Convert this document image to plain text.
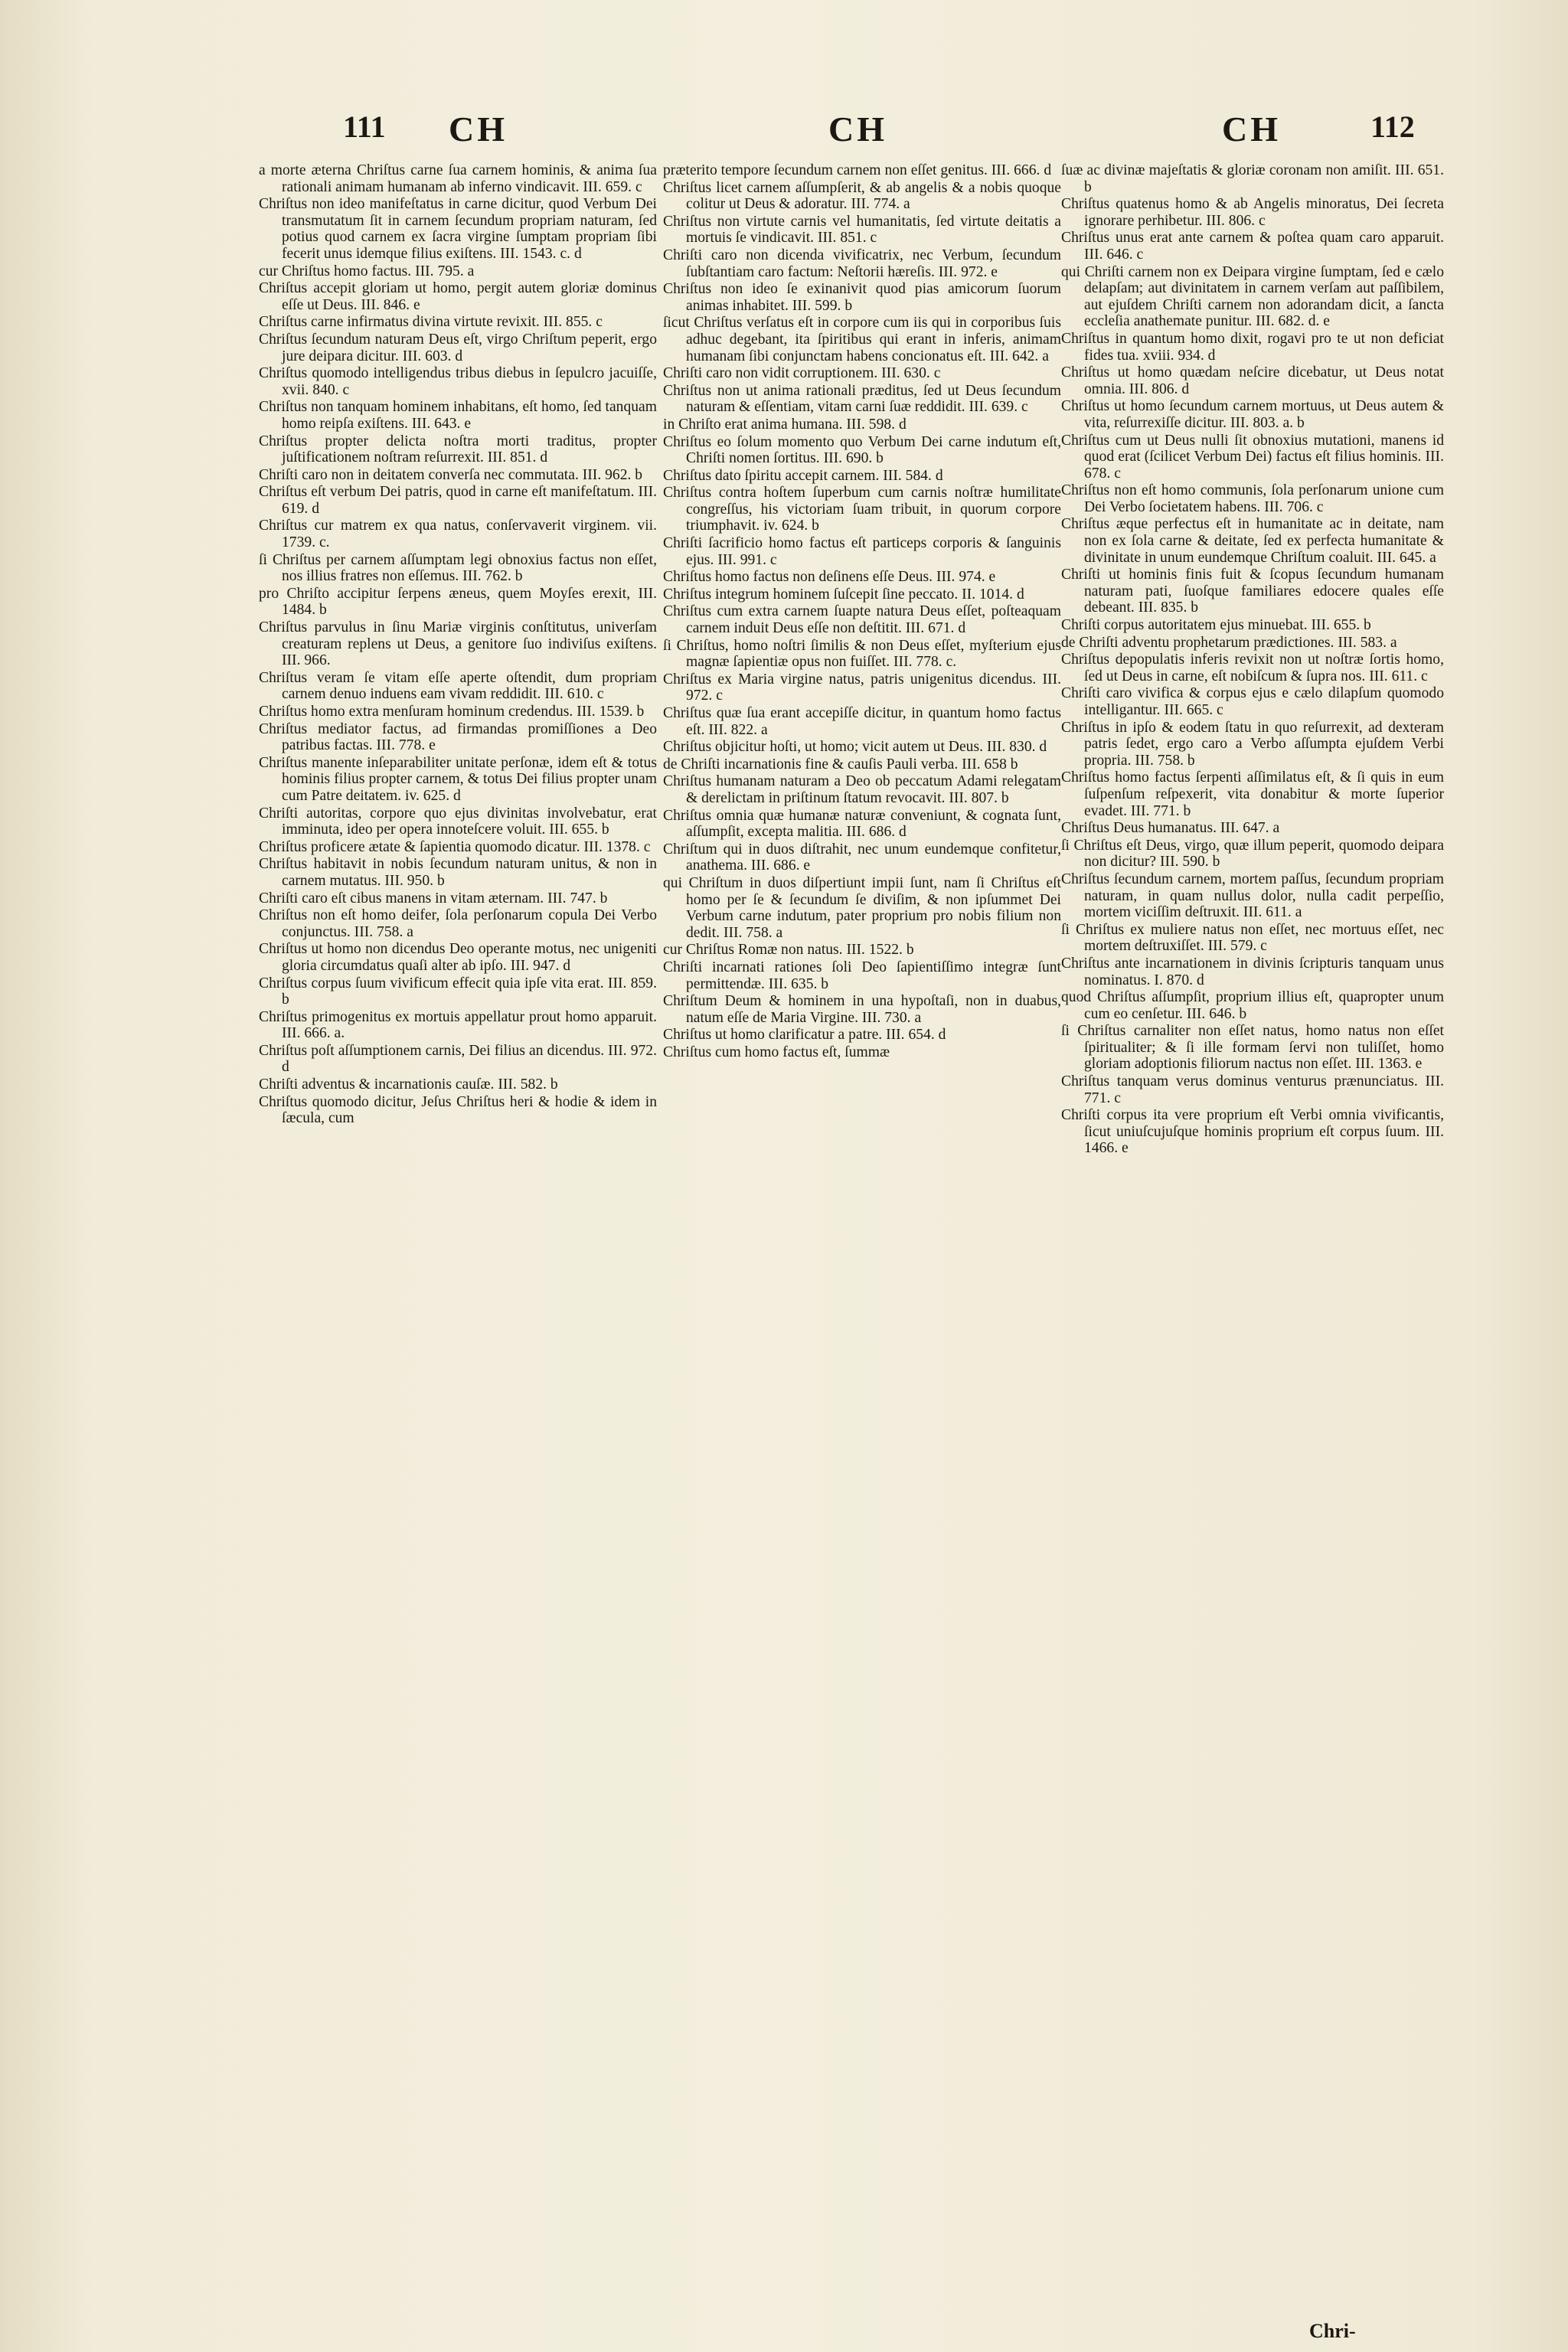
111 CH	CH	CH	112

a morte æterna Chriſtus carne ſua carnem hominis, & anima ſua rationali animam humanam ab inferno vindicavit. III. 659. c

Chriſtus non ideo manifeſtatus in carne dicitur, quod Verbum Dei transmutatum ſit in carnem ſecundum propriam naturam, ſed potius quod carnem ex ſacra virgine ſumptam propriam ſibi fecerit unus idemque filius exiſtens. III. 1543. c. d

cur Chriſtus homo factus. III. 795. a

Chriſtus accepit gloriam ut homo, pergit autem gloriæ dominus eſſe ut Deus. III. 846. e

Chriſtus carne infirmatus divina virtute revixit. III. 855. c

Chriſtus ſecundum naturam Deus eſt, virgo Chriſtum peperit, ergo jure deipara dicitur. III. 603. d

Chriſtus quomodo intelligendus tribus diebus in ſepulcro jacuiſſe, xvii. 840. c

Chriſtus non tanquam hominem inhabitans, eſt homo, ſed tanquam homo reipſa exiſtens. III. 643. e

Chriſtus propter delicta noſtra morti traditus, propter juſtificationem noſtram reſurrexit. III. 851. d

Chriſti caro non in deitatem converſa nec commutata. III. 962. b

Chriſtus eſt verbum Dei patris, quod in carne eſt manifeſtatum. III. 619. d

Chriſtus cur matrem ex qua natus, conſervaverit virginem. vii. 1739. c.

ſi Chriſtus per carnem aſſumptam legi obnoxius factus non eſſet, nos illius fratres non eſſemus. III. 762. b

pro Chriſto accipitur ſerpens æneus, quem Moyſes erexit, III. 1484. b

Chriſtus parvulus in ſinu Mariæ virginis conſtitutus, univerſam creaturam replens ut Deus, a genitore ſuo indiviſus exiſtens. III. 966.

Chriſtus veram ſe vitam eſſe aperte oſtendit, dum propriam carnem denuo induens eam vivam reddidit. III. 610. c

Chriſtus homo extra menſuram hominum credendus. III. 1539. b

Chriſtus mediator factus, ad firmandas promiſſiones a Deo patribus factas. III. 778. e

Chriſtus manente inſeparabiliter unitate perſonæ, idem eſt & totus hominis filius propter carnem, & totus Dei filius propter unam cum Patre deitatem. iv. 625. d

Chriſti autoritas, corpore quo ejus divinitas involvebatur, erat imminuta, ideo per opera innoteſcere voluit. III. 655. b

Chriſtus proficere ætate & ſapientia quomodo dicatur. III. 1378. c

Chriſtus habitavit in nobis ſecundum naturam unitus, & non in carnem mutatus. III. 950. b

Chriſti caro eſt cibus manens in vitam æternam. III. 747. b

Chriſtus non eſt homo deifer, ſola perſonarum copula Dei Verbo conjunctus. III. 758. a

Chriſtus ut homo non dicendus Deo operante motus, nec unigeniti gloria circumdatus quaſi alter ab ipſo. III. 947. d

Chriſtus corpus ſuum vivificum effecit quia ipſe vita erat. III. 859. b

Chriſtus primogenitus ex mortuis appellatur prout homo apparuit. III. 666. a.

Chriſtus poſt aſſumptionem carnis, Dei filius an dicendus. III. 972. d

Chriſti adventus & incarnationis cauſæ. III. 582. b

Chriſtus quomodo dicitur, Jeſus Chriſtus heri & hodie & idem in ſæcula, cum

præterito tempore ſecundum carnem non eſſet genitus. III. 666. d

Chriſtus licet carnem aſſumpſerit, & ab angelis & a nobis quoque colitur ut Deus & adoratur. III. 774. a

Chriſtus non virtute carnis vel humanitatis, ſed virtute deitatis a mortuis ſe vindicavit. III. 851. c

Chriſti caro non dicenda vivificatrix, nec Verbum, ſecundum ſubſtantiam caro factum: Neſtorii hæreſis. III. 972. e

Chriſtus non ideo ſe exinanivit quod pias amicorum ſuorum animas inhabitet. III. 599. b

ſicut Chriſtus verſatus eſt in corpore cum iis qui in corporibus ſuis adhuc degebant, ita ſpiritibus qui erant in inferis, animam humanam ſibi conjunctam habens concionatus eſt. III. 642. a

Chriſti caro non vidit corruptionem. III. 630. c

Chriſtus non ut anima rationali præditus, ſed ut Deus ſecundum naturam & eſſentiam, vitam carni ſuæ reddidit. III. 639. c

in Chriſto erat anima humana. III. 598. d

Chriſtus eo ſolum momento quo Verbum Dei carne indutum eſt, Chriſti nomen ſortitus. III. 690. b

Chriſtus dato ſpiritu accepit carnem. III. 584. d

Chriſtus contra hoſtem ſuperbum cum carnis noſtræ humilitate congreſſus, his victoriam ſuam tribuit, in quorum corpore triumphavit. iv. 624. b

Chriſti ſacrificio homo factus eſt particeps corporis & ſanguinis ejus. III. 991. c

Chriſtus homo factus non deſinens eſſe Deus. III. 974. e

Chriſtus integrum hominem ſuſcepit ſine peccato. II. 1014. d

Chriſtus cum extra carnem ſuapte natura Deus eſſet, poſteaquam carnem induit Deus eſſe non deſtitit. III. 671. d

ſi Chriſtus, homo noſtri ſimilis & non Deus eſſet, myſterium ejus magnæ ſapientiæ opus non fuiſſet. III. 778. c.

Chriſtus ex Maria virgine natus, patris unigenitus dicendus. III. 972. c

Chriſtus quæ ſua erant accepiſſe dicitur, in quantum homo factus eſt. III. 822. a

Chriſtus objicitur hoſti, ut homo; vicit autem ut Deus. III. 830. d

de Chriſti incarnationis fine & cauſis Pauli verba. III. 658 b

Chriſtus humanam naturam a Deo ob peccatum Adami relegatam & derelictam in priſtinum ſtatum revocavit. III. 807. b

Chriſtus omnia quæ humanæ naturæ conveniunt, & cognata ſunt, aſſumpſit, excepta malitia. III. 686. d

Chriſtum qui in duos diſtrahit, nec unum eundemque confitetur, anathema. III. 686. e

qui Chriſtum in duos diſpertiunt impii ſunt, nam ſi Chriſtus eſt homo per ſe & ſecundum ſe diviſim, & non ipſummet Dei Verbum carne indutum, pater proprium pro nobis filium non dedit. III. 758. a

cur Chriſtus Romæ non natus. III. 1522. b

Chriſti incarnati rationes ſoli Deo ſapientiſſimo integræ ſunt permittendæ. III. 635. b

Chriſtum Deum & hominem in una hypoſtaſi, non in duabus, natum eſſe de Maria Virgine. III. 730. a

Chriſtus ut homo clarificatur a patre. III. 654. d

Chriſtus cum homo factus eſt, ſummæ

ſuæ ac divinæ majeſtatis & gloriæ coronam non amiſit. III. 651. b

Chriſtus quatenus homo & ab Angelis minoratus, Dei ſecreta ignorare perhibetur. III. 806. c

Chriſtus unus erat ante carnem & poſtea quam caro apparuit. III. 646. c

qui Chriſti carnem non ex Deipara virgine ſumptam, ſed e cælo delapſam; aut divinitatem in carnem verſam aut paſſibilem, aut ejuſdem Chriſti carnem non adorandam dicit, a ſancta eccleſia anathemate punitur. III. 682. d. e

Chriſtus in quantum homo dixit, rogavi pro te ut non deficiat fides tua. xviii. 934. d

Chriſtus ut homo quædam neſcire dicebatur, ut Deus notat omnia. III. 806. d

Chriſtus ut homo ſecundum carnem mortuus, ut Deus autem & vita, reſurrexiſſe dicitur. III. 803. a. b

Chriſtus cum ut Deus nulli ſit obnoxius mutationi, manens id quod erat (ſcilicet Verbum Dei) factus eſt filius hominis. III. 678. c

Chriſtus non eſt homo communis, ſola perſonarum unione cum Dei Verbo ſocietatem habens. III. 706. c

Chriſtus æque perfectus eſt in humanitate ac in deitate, nam non ex ſola carne & deitate, ſed ex perfecta humanitate & divinitate in unum eundemque Chriſtum coaluit. III. 645. a

Chriſti ut hominis finis fuit & ſcopus ſecundum humanam naturam pati, ſuoſque familiares edocere quales eſſe debeant. III. 835. b

Chriſti corpus autoritatem ejus minuebat. III. 655. b

de Chriſti adventu prophetarum prædictiones. III. 583. a

Chriſtus depopulatis inferis revixit non ut noſtræ ſortis homo, ſed ut Deus in carne, eſt nobiſcum & ſupra nos. III. 611. c

Chriſti caro vivifica & corpus ejus e cælo dilapſum quomodo intelligantur. III. 665. c

Chriſtus in ipſo & eodem ſtatu in quo reſurrexit, ad dexteram patris ſedet, ergo caro a Verbo aſſumpta ejuſdem Verbi propria. III. 758. b

Chriſtus homo factus ſerpenti aſſimilatus eſt, & ſi quis in eum ſuſpenſum reſpexerit, vita donabitur & morte ſuperior evadet. III. 771. b

Chriſtus Deus humanatus. III. 647. a

ſi Chriſtus eſt Deus, virgo, quæ illum peperit, quomodo deipara non dicitur? III. 590. b

Chriſtus ſecundum carnem, mortem paſſus, ſecundum propriam naturam, in quam nullus dolor, nulla cadit perpeſſio, mortem viciſſim deſtruxit. III. 611. a

ſi Chriſtus ex muliere natus non eſſet, nec mortuus eſſet, nec mortem deſtruxiſſet. III. 579. c

Chriſtus ante incarnationem in divinis ſcripturis tanquam unus nominatus. I. 870. d

quod Chriſtus aſſumpſit, proprium illius eſt, quapropter unum cum eo cenſetur. III. 646. b

ſi Chriſtus carnaliter non eſſet natus, homo natus non eſſet ſpiritualiter; & ſi ille formam ſervi non tuliſſet, homo gloriam adoptionis filiorum nactus non eſſet. III. 1363. e

Chriſtus tanquam verus dominus venturus prænunciatus. III. 771. c

Chriſti corpus ita vere proprium eſt Verbi omnia vivificantis, ſicut uniuſcujuſque hominis proprium eſt corpus ſuum. III. 1466. e

Chri-
